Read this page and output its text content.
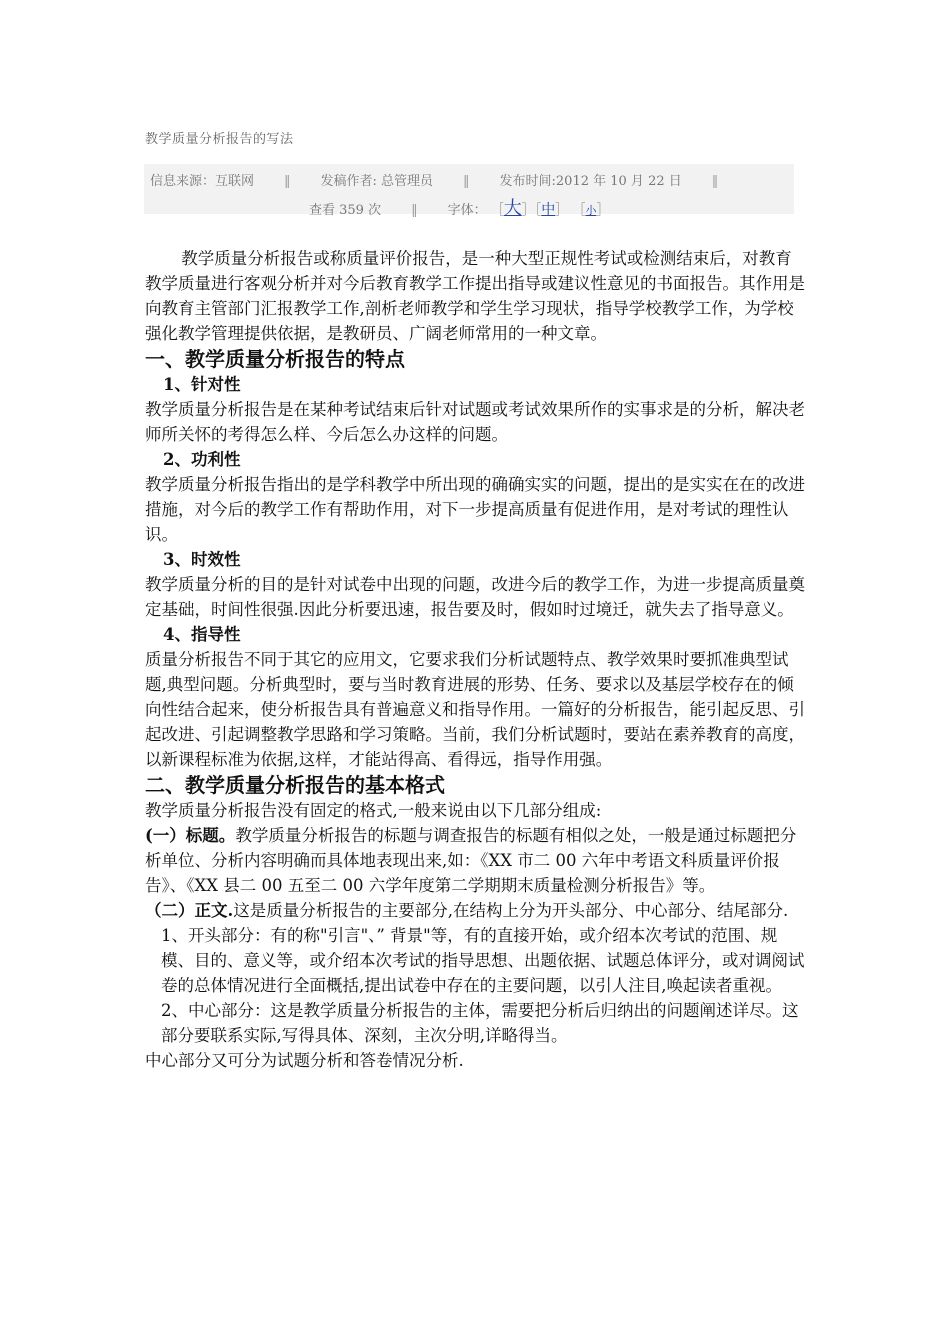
教学质量分析报告的写法
信息来源：互联网 ‖ 发稿作者: 总管理员 ‖ 发布时间:2012 年 10 月 22 日 ‖
查看 359 次 ‖ 字体： ［大］［中］ ［小］

教学质量分析报告或称质量评价报告，是一种大型正规性考试或检测结束后，对教育教学质量进行客观分析并对今后教育教学工作提出指导或建议性意见的书面报告。其作用是向教育主管部门汇报教学工作,剖析老师教学和学生学习现状，指导学校教学工作，为学校强化教学管理提供依据，是教研员、广阔老师常用的一种文章。

一、教学质量分析报告的特点

1、针对性

教学质量分析报告是在某种考试结束后针对试题或考试效果所作的实事求是的分析，解决老师所关怀的考得怎么样、今后怎么办这样的问题。

2、功利性

教学质量分析报告指出的是学科教学中所出现的确确实实的问题，提出的是实实在在的改进措施，对今后的教学工作有帮助作用，对下一步提高质量有促进作用，是对考试的理性认识。

3、时效性

教学质量分析的目的是针对试卷中出现的问题，改进今后的教学工作，为进一步提高质量奠定基础，时间性很强.因此分析要迅速，报告要及时，假如时过境迁，就失去了指导意义。

4、指导性

质量分析报告不同于其它的应用文，它要求我们分析试题特点、教学效果时要抓准典型试题,典型问题。分析典型时，要与当时教育进展的形势、任务、要求以及基层学校存在的倾向性结合起来，使分析报告具有普遍意义和指导作用。一篇好的分析报告，能引起反思、引起改进、引起调整教学思路和学习策略。当前，我们分析试题时，要站在素养教育的高度，以新课程标准为依据,这样，才能站得高、看得远，指导作用强。

二、教学质量分析报告的基本格式

教学质量分析报告没有固定的格式,一般来说由以下几部分组成:

(一）标题。教学质量分析报告的标题与调查报告的标题有相似之处，一般是通过标题把分析单位、分析内容明确而具体地表现出来,如：《XX 市二 00 六年中考语文科质量评价报告》、《XX 县二 00 五至二 00 六学年度第二学期期末质量检测分析报告》等。

（二）正文.这是质量分析报告的主要部分,在结构上分为开头部分、中心部分、结尾部分.

1、开头部分：有的称"引言"、” 背景"等，有的直接开始，或介绍本次考试的范围、规模、目的、意义等，或介绍本次考试的指导思想、出题依据、试题总体评分，或对调阅试卷的总体情况进行全面概括,提出试卷中存在的主要问题，以引人注目,唤起读者重视。

2、中心部分：这是教学质量分析报告的主体，需要把分析后归纳出的问题阐述详尽。这部分要联系实际,写得具体、深刻，主次分明,详略得当。

中心部分又可分为试题分析和答卷情况分析.
